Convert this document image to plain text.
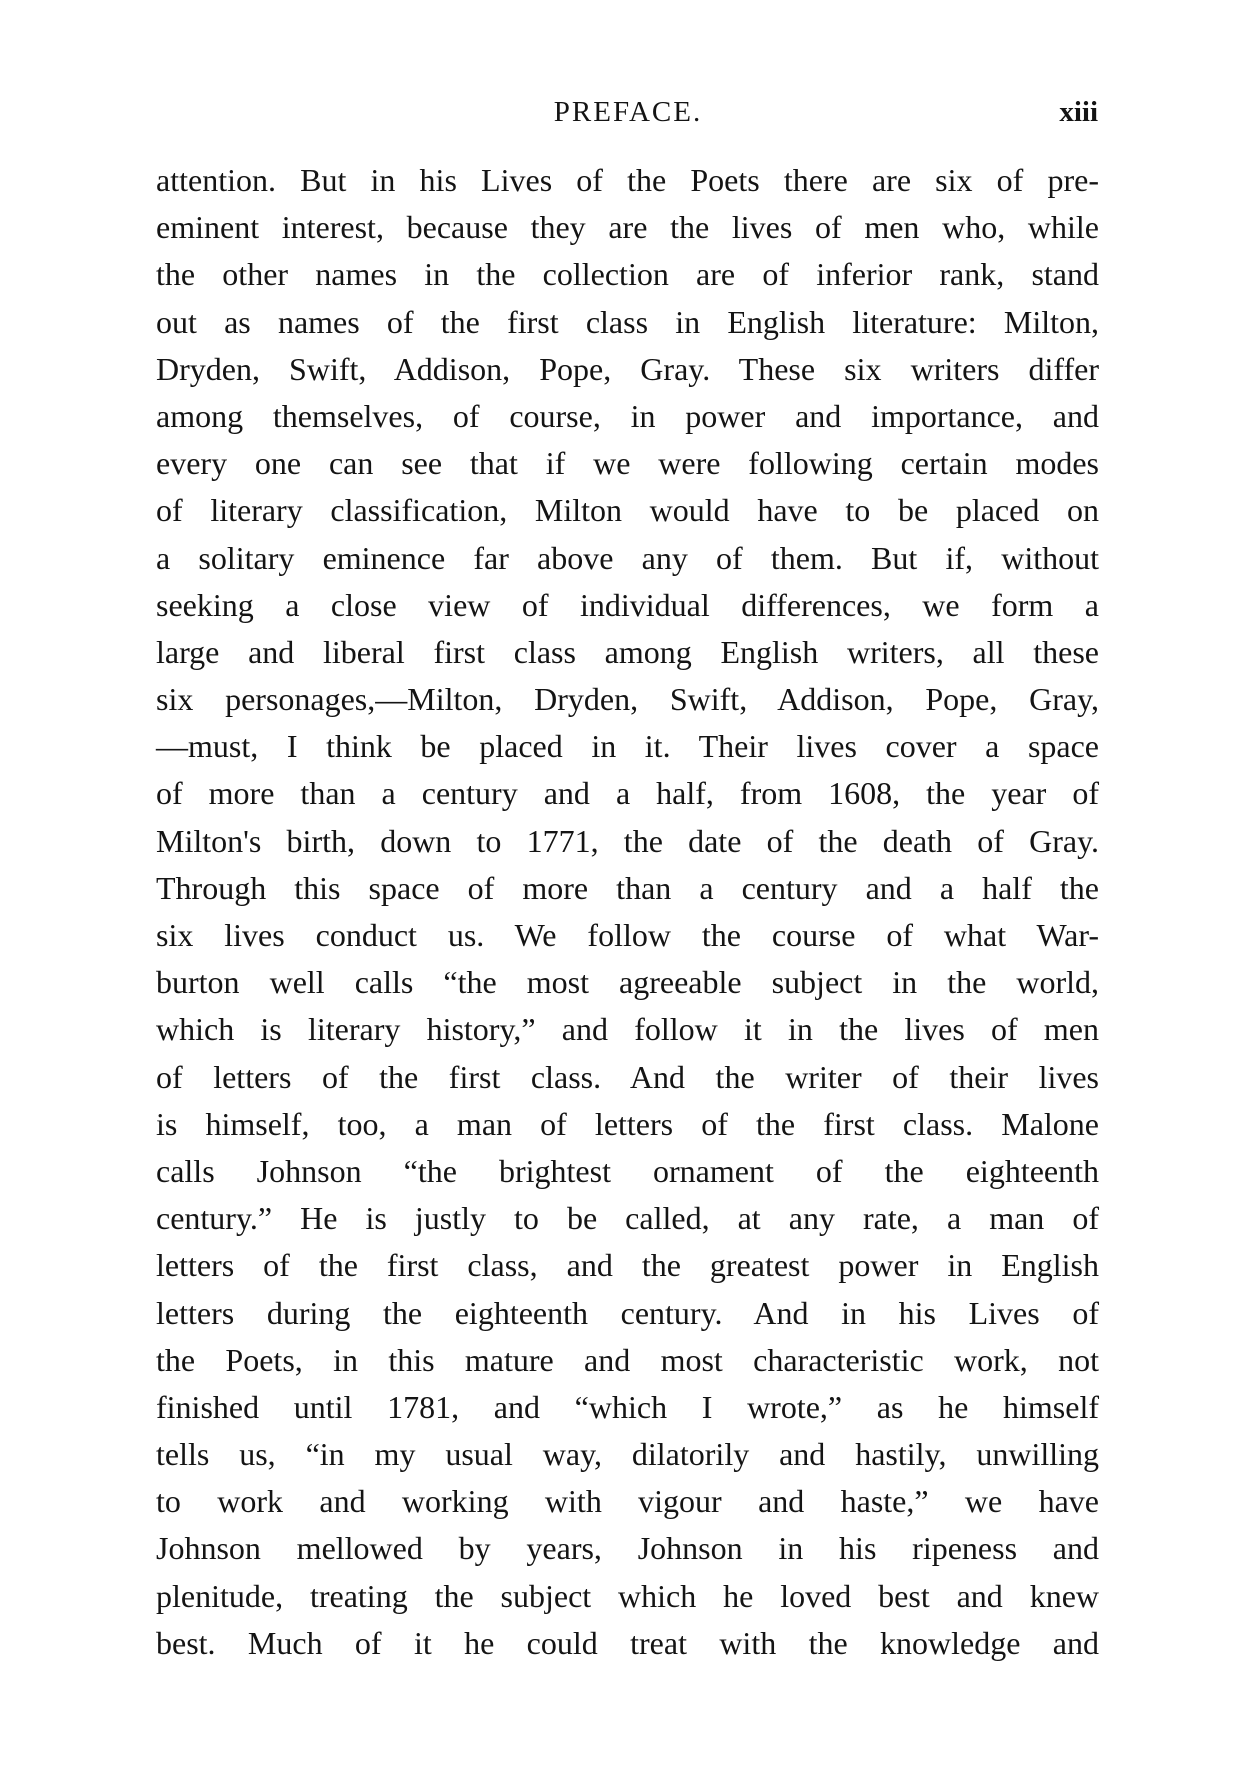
PREFACE.	xiii
attention. But in his Lives of the Poets there are six of pre-
eminent interest, because they are the lives of men who, while
the other names in the collection are of inferior rank, stand
out as names of the first class in English literature: Milton,
Dryden, Swift, Addison, Pope, Gray. These six writers differ
among themselves, of course, in power and importance, and
every one can see that if we were following certain modes
of literary classification, Milton would have to be placed on
a solitary eminence far above any of them. But if, without
seeking a close view of individual differences, we form a
large and liberal first class among English writers, all these
six personages,—Milton, Dryden, Swift, Addison, Pope, Gray,
—must, I think be placed in it. Their lives cover a space
of more than a century and a half, from 1608, the year of
Milton's birth, down to 1771, the date of the death of Gray.
Through this space of more than a century and a half the
six lives conduct us. We follow the course of what War-
burton well calls “the most agreeable subject in the world,
which is literary history,” and follow it in the lives of men
of letters of the first class. And the writer of their lives
is himself, too, a man of letters of the first class. Malone
calls Johnson “the brightest ornament of the eighteenth
century.” He is justly to be called, at any rate, a man of
letters of the first class, and the greatest power in English
letters during the eighteenth century. And in his Lives of
the Poets, in this mature and most characteristic work, not
finished until 1781, and “which I wrote,” as he himself
tells us, “in my usual way, dilatorily and hastily, unwilling
to work and working with vigour and haste,” we have
Johnson mellowed by years, Johnson in his ripeness and
plenitude, treating the subject which he loved best and knew
best. Much of it he could treat with the knowledge and
